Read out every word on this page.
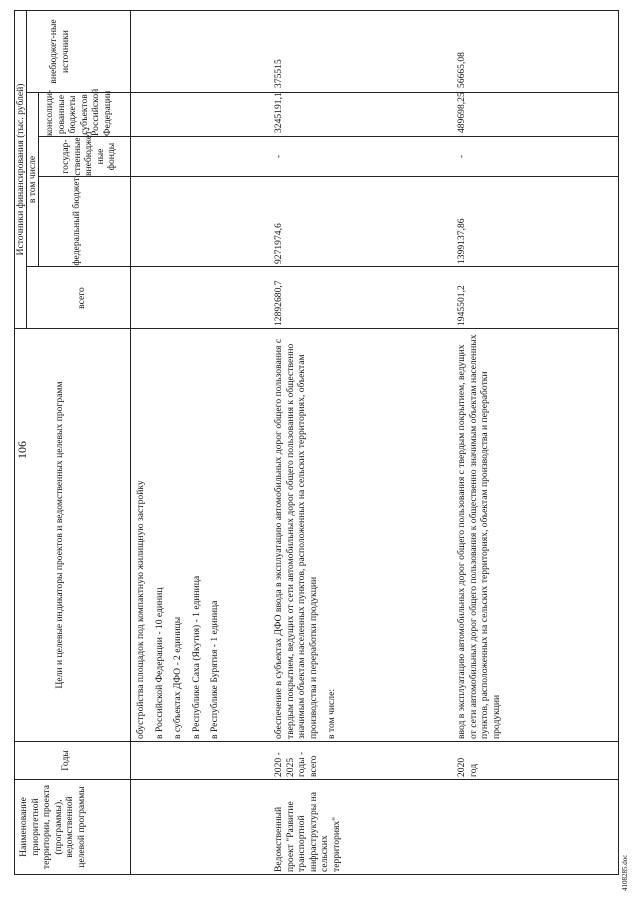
106
Наименование приоритетной территории, проекта (программы), ведомственной целевой программы
Годы
Цели и целевые индикаторы проектов и ведомственных целевых программ
Источники финансирования (тыс. рублей)
всего
в том числе	федеральный бюджет
государ-ственные внебюджет-ные фонды
консолиди-рованные бюджеты субъектов Российской Федерации
внебюджет-ные источники
обустройства площадок под компактную жилищную застройку в Российской Федерации - 10 единиц в субъектах ДФО - 2 единицы в Республике Саха (Якутия) - 1 единица в Республике Бурятия - 1 единица
Ведомственный проект "Развитие транспортной инфраструктуры на сельских территориях"
2020 - 2025 годы - всего
обеспечение в субъектах ДФО ввода в эксплуатацию автомобильных дорог общего пользования с твердым покрытием, ведущих от сети автомобильных дорог общего пользования к общественно значимым объектам населенных пунктов, расположенных на сельских территориях, объектам производства и переработки продукции в том числе:
12892680,7
9271974,6
-
3245191,1
375515
2020 год
ввод в эксплуатацию автомобильных дорог общего пользования с твердым покрытием, ведущих от сети автомобильных дорог общего пользования к общественно значимым объектам населенных пунктов, расположенных на сельских территориях, объектам производства и переработки продукции
1945501,2
1399137,86
-
489698,25
56665,08
4108285.doc
